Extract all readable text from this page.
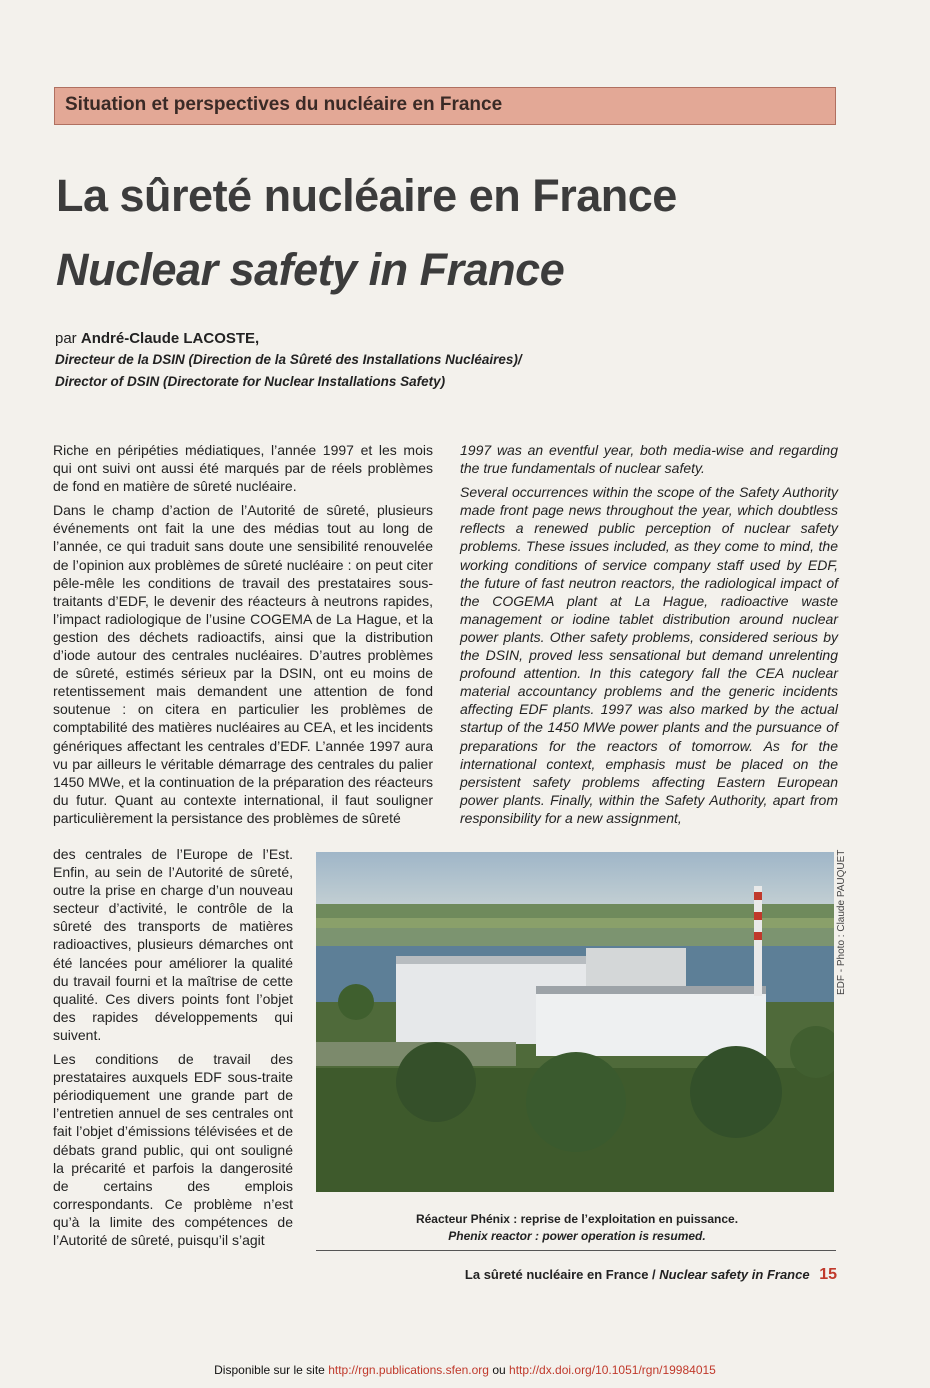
Situation et perspectives du nucléaire en France
La sûreté nucléaire en France
Nuclear safety in France
par André-Claude LACOSTE,
Directeur de la DSIN (Direction de la Sûreté des Installations Nucléaires)/
Director of DSIN (Directorate for Nuclear Installations Safety)

Riche en péripéties médiatiques, l’année 1997 et les mois qui ont suivi ont aussi été marqués par de réels problèmes de fond en matière de sûreté nucléaire.

Dans le champ d’action de l’Autorité de sûreté, plusieurs événements ont fait la une des médias tout au long de l’année, ce qui traduit sans doute une sensibilité renouvelée de l’opinion aux problèmes de sûreté nucléaire : on peut citer pêle-mêle les conditions de travail des prestataires sous-traitants d’EDF, le devenir des réacteurs à neutrons rapides, l’impact radiologique de l’usine COGEMA de La Hague, et la gestion des déchets radioactifs, ainsi que la distribution d’iode autour des centrales nucléaires. D’autres problèmes de sûreté, estimés sérieux par la DSIN, ont eu moins de retentissement mais demandent une attention de fond soutenue : on citera en particulier les problèmes de comptabilité des matières nucléaires au CEA, et les incidents génériques affectant les centrales d’EDF. L’année 1997 aura vu par ailleurs le véritable démarrage des centrales du palier 1450 MWe, et la continuation de la préparation des réacteurs du futur. Quant au contexte international, il faut souligner particulièrement la persistance des problèmes de sûreté

des centrales de l’Europe de l’Est. Enfin, au sein de l’Autorité de sûreté, outre la prise en charge d’un nouveau secteur d’activité, le contrôle de la sûreté des transports de matières radioactives, plusieurs démarches ont été lancées pour améliorer la qualité du travail fourni et la maîtrise de cette qualité. Ces divers points font l’objet des rapides développements qui suivent.

Les conditions de travail des prestataires auxquels EDF sous-traite périodiquement une grande part de l’entretien annuel de ses centrales ont fait l’objet d’émissions télévisées et de débats grand public, qui ont souligné la précarité et parfois la dangerosité de certains des emplois correspondants. Ce problème n’est qu’à la limite des compétences de l’Autorité de sûreté, puisqu’il s’agit

1997 was an eventful year, both media-wise and regarding the true fundamentals of nuclear safety.

Several occurrences within the scope of the Safety Authority made front page news throughout the year, which doubtless reflects a renewed public perception of nuclear safety problems. These issues included, as they come to mind, the working conditions of service company staff used by EDF, the future of fast neutron reactors, the radiological impact of the COGEMA plant at La Hague, radioactive waste management or iodine tablet distribution around nuclear power plants. Other safety problems, considered serious by the DSIN, proved less sensational but demand unrelenting profound attention. In this category fall the CEA nuclear material accountancy problems and the generic incidents affecting EDF plants. 1997 was also marked by the actual startup of the 1450 MWe power plants and the pursuance of preparations for the reactors of tomorrow. As for the international context, emphasis must be placed on the persistent safety problems affecting Eastern European power plants. Finally, within the Safety Authority, apart from responsibility for a new assignment,

EDF - Photo : Claude PAUQUET
Réacteur Phénix : reprise de l’exploitation en puissance.
Phenix reactor : power operation is resumed.
La sûreté nucléaire en France / Nuclear safety in France 15
Disponible sur le site http://rgn.publications.sfen.org ou http://dx.doi.org/10.1051/rgn/19984015
